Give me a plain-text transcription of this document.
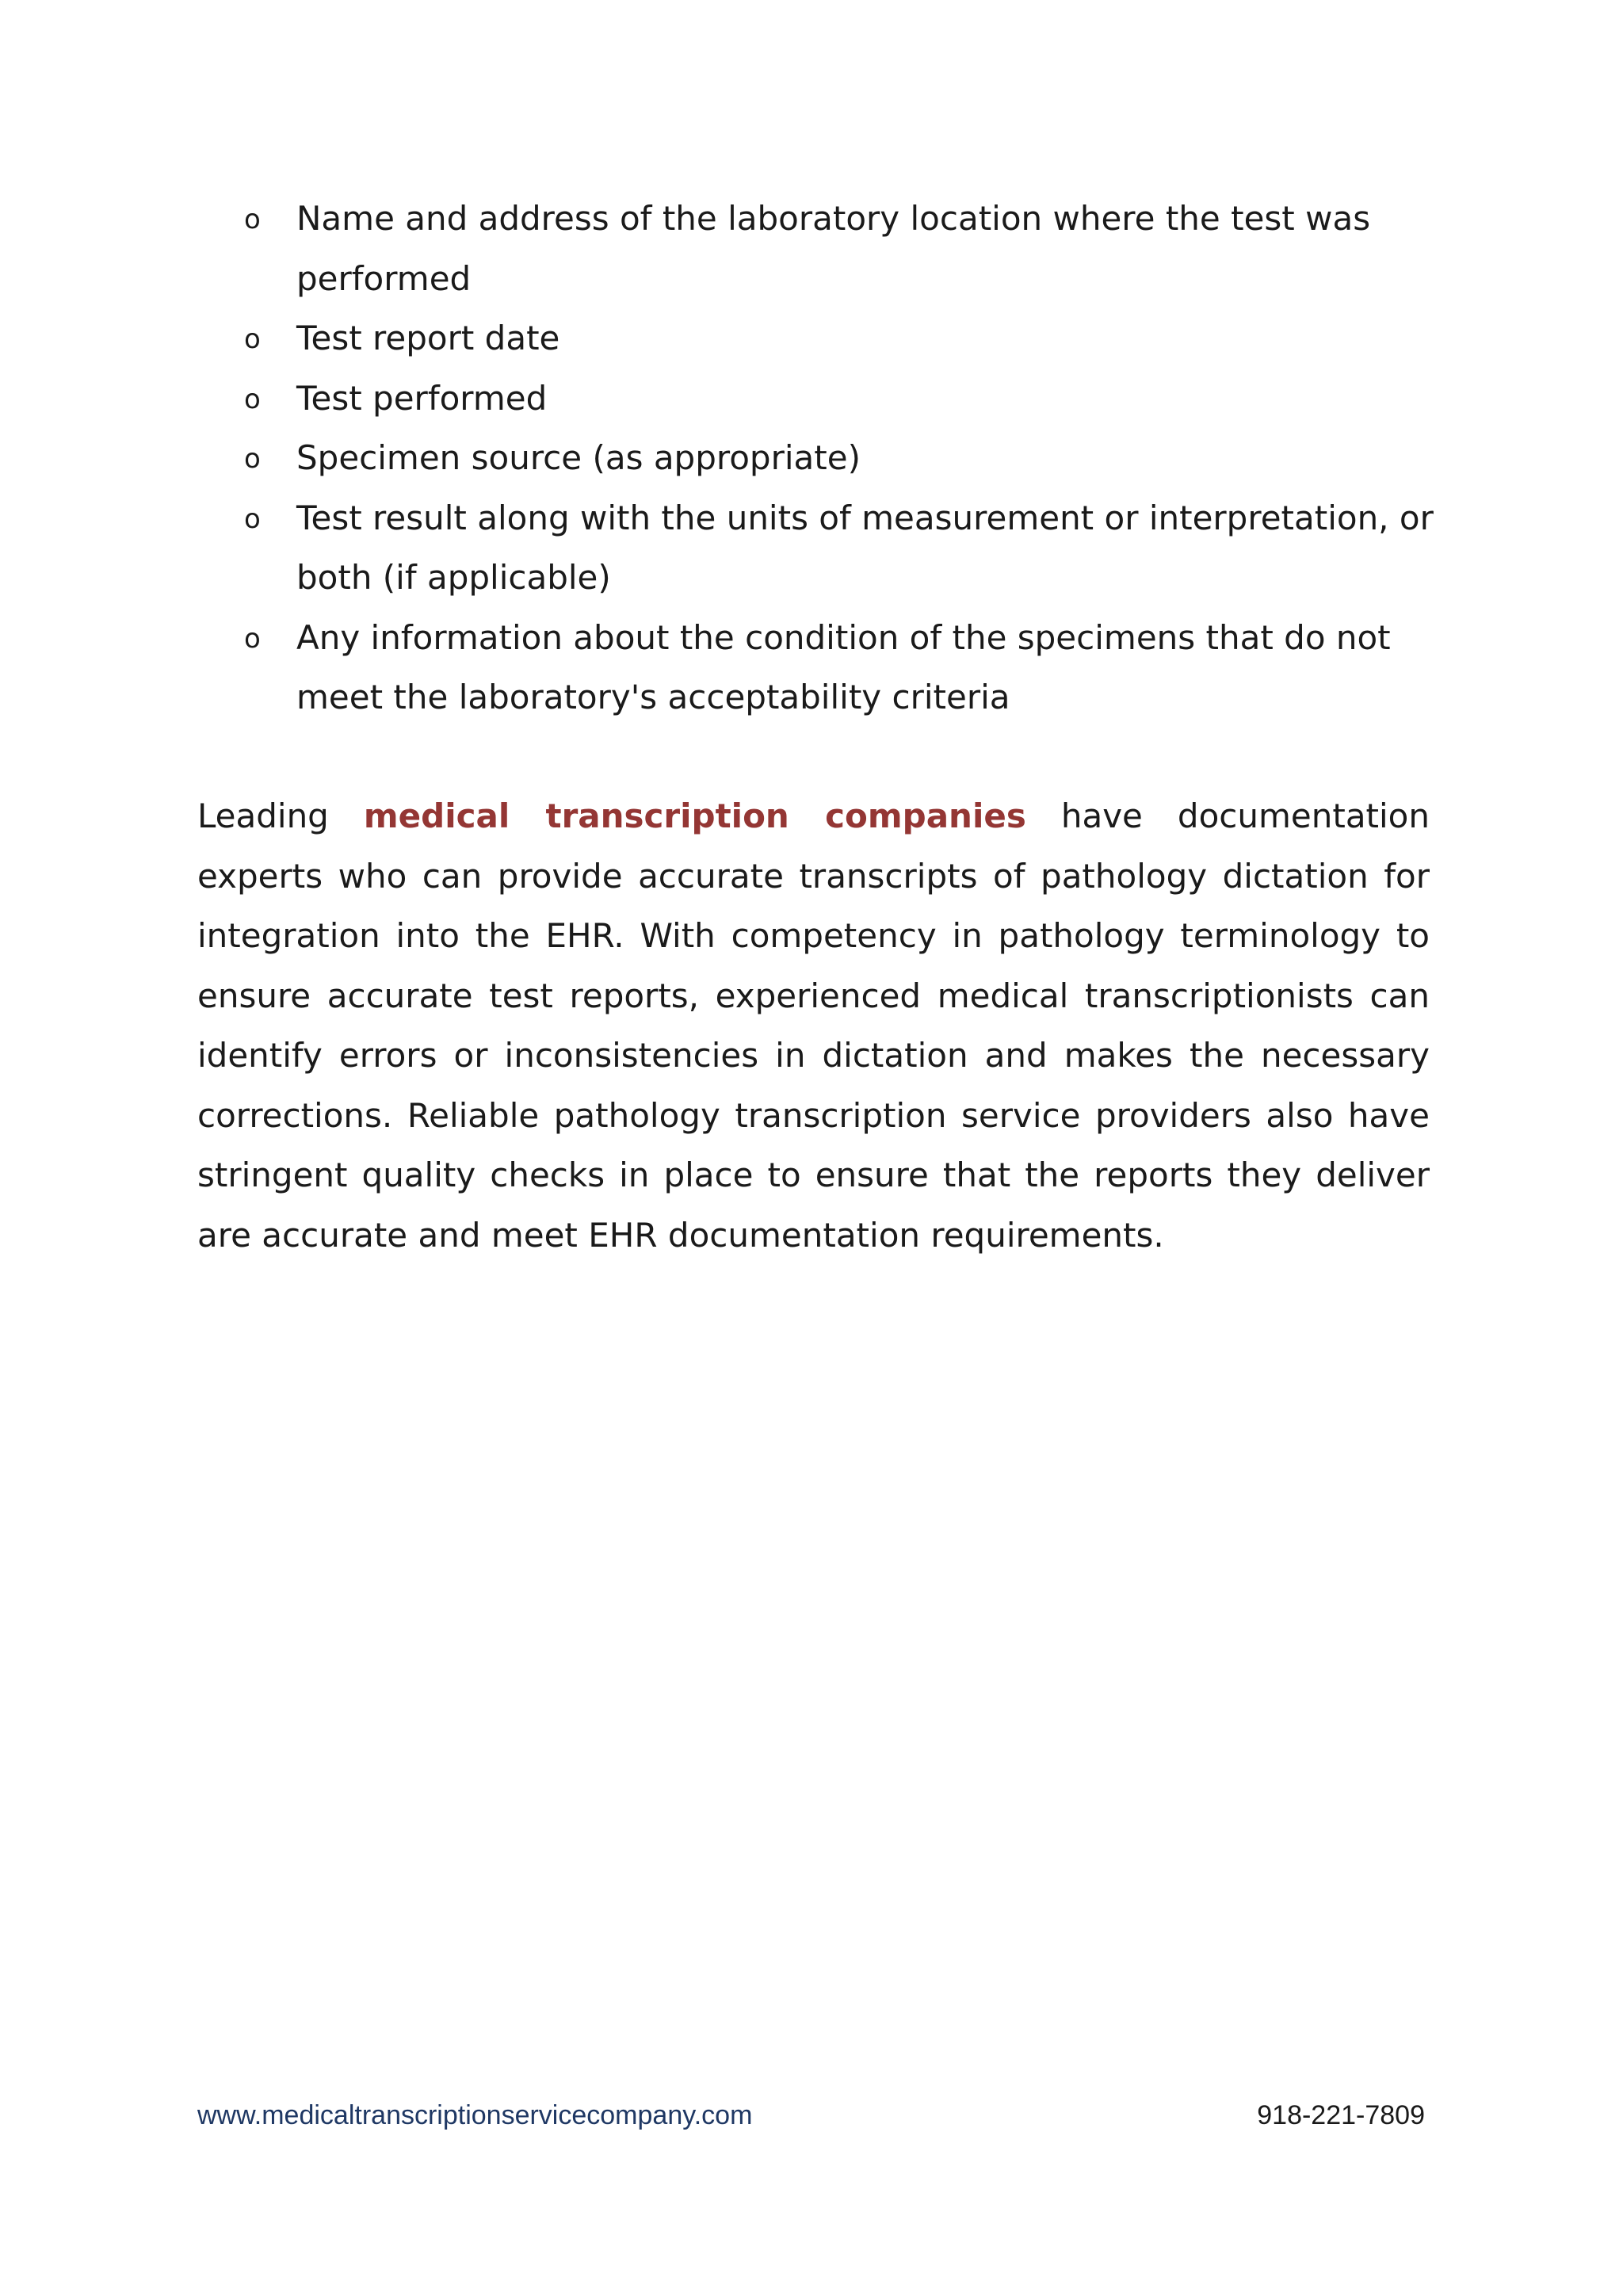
o Name and address of the laboratory location where the test was performed
o Test report date
o Test performed
o Specimen source (as appropriate)
o Test result along with the units of measurement or interpretation, or both (if applicable)
o Any information about the condition of the specimens that do not meet the laboratory's acceptability criteria

Leading medical transcription companies have documentation experts who can provide accurate transcripts of pathology dictation for integration into the EHR. With competency in pathology terminology to ensure accurate test reports, experienced medical transcriptionists can identify errors or inconsistencies in dictation and makes the necessary corrections. Reliable pathology transcription service providers also have stringent quality checks in place to ensure that the reports they deliver are accurate and meet EHR documentation requirements.

www.medicaltranscriptionservicecompany.com	918-221-7809
